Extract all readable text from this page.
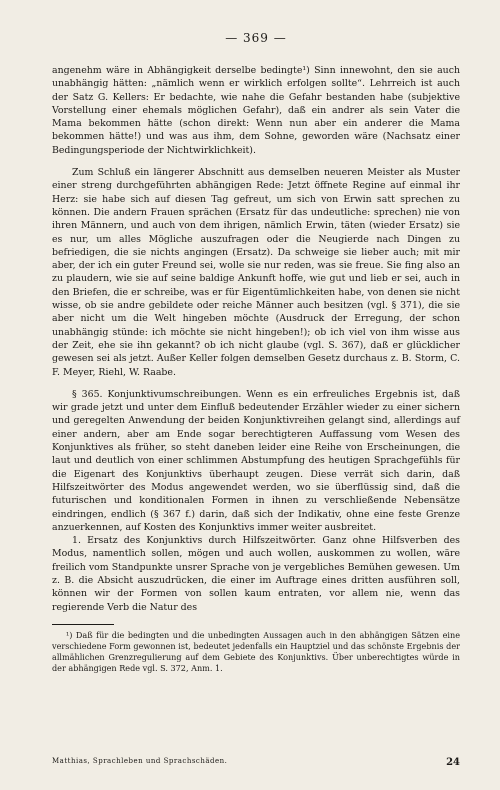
— 369 —

angenehm wäre in Abhängigkeit derselbe bedingte¹) Sinn innewohnt, den sie auch unabhängig hätten: „nämlich wenn er wirklich erfolgen sollte“. Lehrreich ist auch der Satz G. Kellers: Er bedachte, wie nahe die Gefahr bestanden habe (subjektive Vorstellung einer ehemals möglichen Gefahr), daß ein andrer als sein Vater die Mama bekommen hätte (schon direkt: Wenn nun aber ein anderer die Mama bekommen hätte!) und was aus ihm, dem Sohne, geworden wäre (Nachsatz einer Bedingungsperiode der Nichtwirklichkeit).

Zum Schluß ein längerer Abschnitt aus demselben neueren Meister als Muster einer streng durchgeführten abhängigen Rede: Jetzt öffnete Regine auf einmal ihr Herz: sie habe sich auf diesen Tag gefreut, um sich von Erwin satt sprechen zu können. Die andern Frauen sprächen (Ersatz für das undeutliche: sprechen) nie von ihren Männern, und auch von dem ihrigen, nämlich Erwin, täten (wieder Ersatz) sie es nur, um alles Mögliche auszufragen oder die Neugierde nach Dingen zu befriedigen, die sie nichts angingen (Ersatz). Da schweige sie lieber auch; mit mir aber, der ich ein guter Freund sei, wolle sie nur reden, was sie freue. Sie fing also an zu plaudern, wie sie auf seine baldige Ankunft hoffe, wie gut und lieb er sei, auch in den Briefen, die er schreibe, was er für Eigentümlichkeiten habe, von denen sie nicht wisse, ob sie andre gebildete oder reiche Männer auch besitzen (vgl. § 371), die sie aber nicht um die Welt hingeben möchte (Ausdruck der Erregung, der schon unabhängig stünde: ich möchte sie nicht hingeben!); ob ich viel von ihm wisse aus der Zeit, ehe sie ihn gekannt? ob ich nicht glaube (vgl. S. 367), daß er glücklicher gewesen sei als jetzt. Außer Keller folgen demselben Gesetz durchaus z. B. Storm, C. F. Meyer, Riehl, W. Raabe.

§ 365. Konjunktivumschreibungen. Wenn es ein erfreuliches Ergebnis ist, daß wir grade jetzt und unter dem Einfluß bedeutender Erzähler wieder zu einer sichern und geregelten Anwendung der beiden Konjunktivreihen gelangt sind, allerdings auf einer andern, aber am Ende sogar berechtigteren Auffassung vom Wesen des Konjunktives als früher, so steht daneben leider eine Reihe von Erscheinungen, die laut und deutlich von einer schlimmen Abstumpfung des heutigen Sprachgefühls für die Eigenart des Konjunktivs überhaupt zeugen. Diese verrät sich darin, daß Hilfszeitwörter des Modus angewendet werden, wo sie überflüssig sind, daß die futurischen und konditionalen Formen in ihnen zu verschließende Nebensätze eindringen, endlich (§ 367 f.) darin, daß sich der Indikativ, ohne eine feste Grenze anzuerkennen, auf Kosten des Konjunktivs immer weiter ausbreitet.

1. Ersatz des Konjunktivs durch Hilfszeitwörter. Ganz ohne Hilfsverben des Modus, namentlich sollen, mögen und auch wollen, auskommen zu wollen, wäre freilich vom Standpunkte unsrer Sprache von je vergebliches Bemühen gewesen. Um z. B. die Absicht auszudrücken, die einer im Auftrage eines dritten ausführen soll, können wir der Formen von sollen kaum entraten, vor allem nie, wenn das regierende Verb die Natur des

¹) Daß für die bedingten und die unbedingten Aussagen auch in den abhängigen Sätzen eine verschiedene Form gewonnen ist, bedeutet jedenfalls ein Hauptziel und das schönste Ergebnis der allmählichen Grenzregulierung auf dem Gebiete des Konjunktivs. Über unberechtigtes würde in der abhängigen Rede vgl. S. 372, Anm. 1.

Matthias, Sprachleben und Sprachschäden.	24
